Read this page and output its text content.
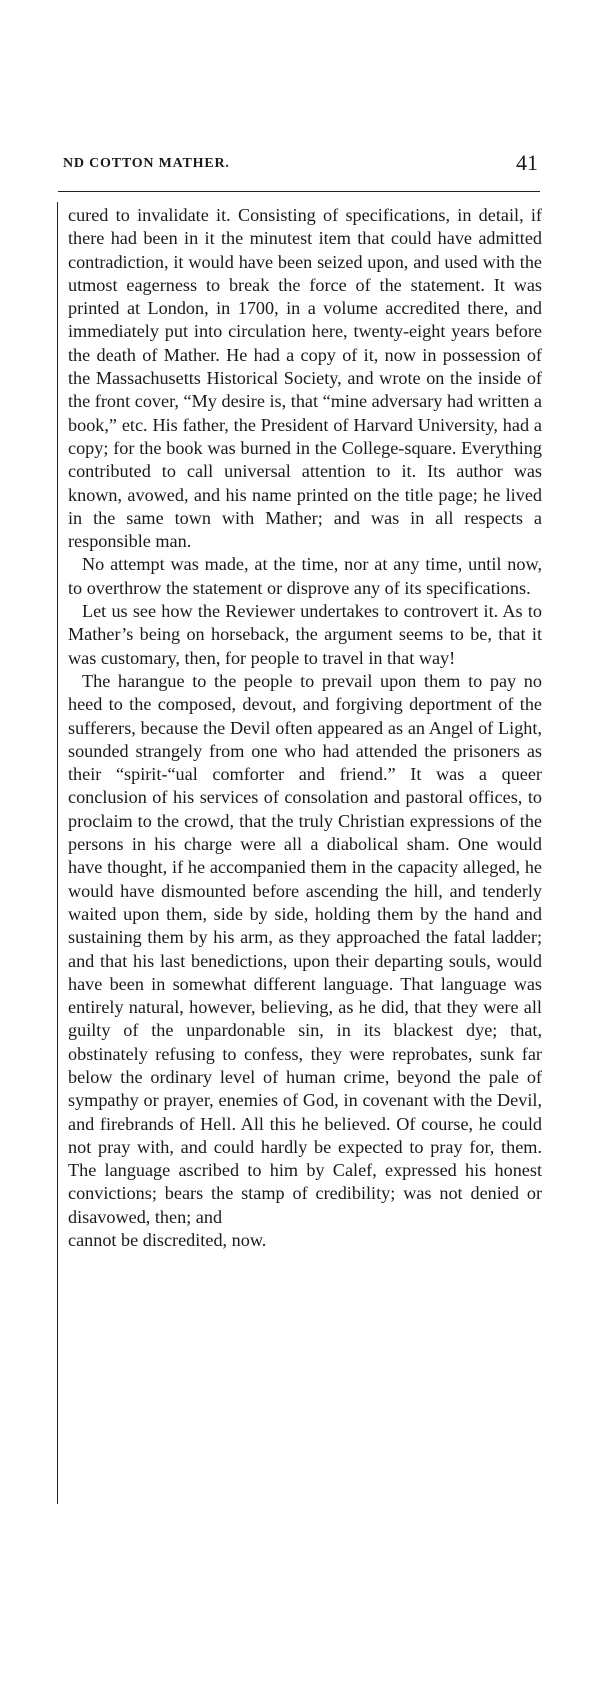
ND COTTON MATHER.	41

cured to invalidate it. Consisting of specifications, in detail, if there had been in it the minutest item that could have admitted contradiction, it would have been seized upon, and used with the utmost eagerness to break the force of the statement. It was printed at London, in 1700, in a volume accredited there, and immediately put into circulation here, twenty-eight years before the death of Mather. He had a copy of it, now in possession of the Massachusetts Historical Society, and wrote on the inside of the front cover, “My desire is, that “mine adversary had written a book,” etc. His father, the President of Harvard University, had a copy; for the book was burned in the College-square. Everything contributed to call universal attention to it. Its author was known, avowed, and his name printed on the title page; he lived in the same town with Mather; and was in all respects a responsible man.

No attempt was made, at the time, nor at any time, until now, to overthrow the statement or disprove any of its specifications.

Let us see how the Reviewer undertakes to controvert it. As to Mather’s being on horseback, the argument seems to be, that it was customary, then, for people to travel in that way!

The harangue to the people to prevail upon them to pay no heed to the composed, devout, and forgiving deportment of the sufferers, because the Devil often appeared as an Angel of Light, sounded strangely from one who had attended the prisoners as their “spirit-“ual comforter and friend.” It was a queer conclusion of his services of consolation and pastoral offices, to proclaim to the crowd, that the truly Christian expressions of the persons in his charge were all a diabolical sham. One would have thought, if he accompanied them in the capacity alleged, he would have dismounted before ascending the hill, and tenderly waited upon them, side by side, holding them by the hand and sustaining them by his arm, as they approached the fatal ladder; and that his last benedictions, upon their departing souls, would have been in somewhat different language. That language was entirely natural, however, believing, as he did, that they were all guilty of the unpardonable sin, in its blackest dye; that, obstinately refusing to confess, they were reprobates, sunk far below the ordinary level of human crime, beyond the pale of sympathy or prayer, enemies of God, in covenant with the Devil, and firebrands of Hell. All this he believed. Of course, he could not pray with, and could hardly be expected to pray for, them. The language ascribed to him by Calef, expressed his honest convictions; bears the stamp of credibility; was not denied or disavowed, then; and

cannot be discredited, now.
